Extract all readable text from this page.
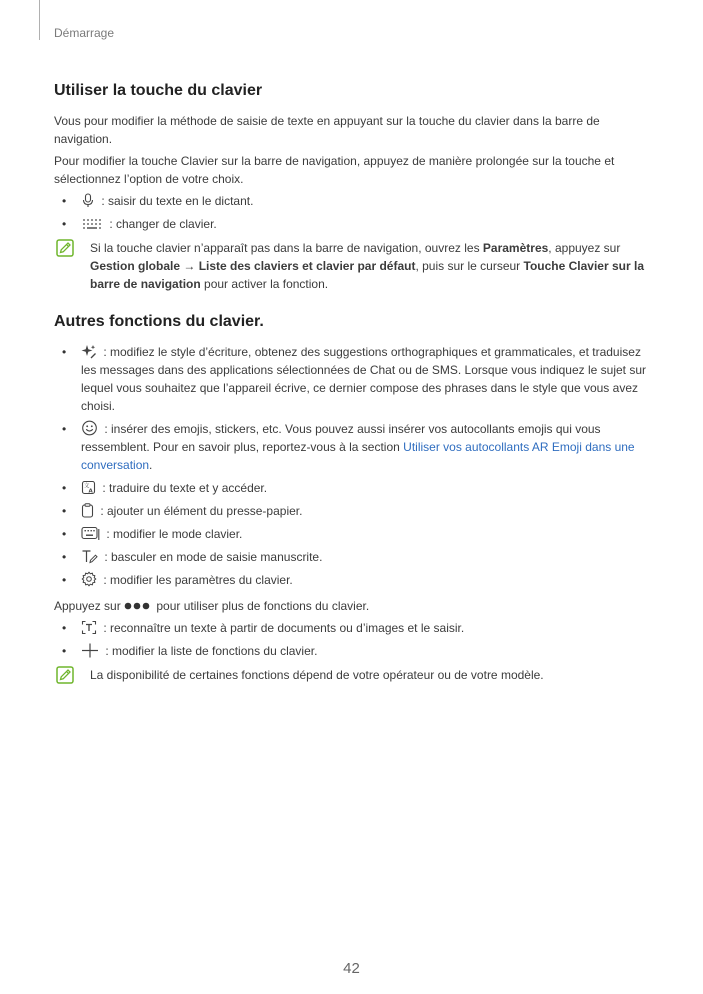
Démarrage
Utiliser la touche du clavier

Vous pour modifier la méthode de saisie de texte en appuyant sur la touche du clavier dans la barre de navigation.

Pour modifier la touche Clavier sur la barre de navigation, appuyez de manière prolongée sur la touche et sélectionnez l’option de votre choix.

• : saisir du texte en le dictant.
• : changer de clavier.
Si la touche clavier n’apparaît pas dans la barre de navigation, ouvrez les Paramètres, appuyez sur Gestion globale → Liste des claviers et clavier par défaut, puis sur le curseur Touche Clavier sur la barre de navigation pour activer la fonction.
Autres fonctions du clavier.
• : modifiez le style d’écriture, obtenez des suggestions orthographiques et grammaticales, et traduisez les messages dans des applications sélectionnées de Chat ou de SMS. Lorsque vous indiquez le sujet sur lequel vous souhaitez que l’appareil écrive, ce dernier compose des phrases dans le style que vous avez choisi.
• : insérer des emojis, stickers, etc. Vous pouvez aussi insérer vos autocollants emojis qui vous ressemblent. Pour en savoir plus, reportez-vous à la section Utiliser vos autocollants AR Emoji dans une conversation.
• 文
A : traduire du texte et y accéder.
• : ajouter un élément du presse-papier.
• : modifier le mode clavier.
• : basculer en mode de saisie manuscrite.
• : modifier les paramètres du clavier.

Appuyez sur
pour utiliser plus de fonctions du clavier.

• : reconnaître un texte à partir de documents ou d’images et le saisir.
• : modifier la liste de fonctions du clavier.
La disponibilité de certaines fonctions dépend de votre opérateur ou de votre modèle.
42
